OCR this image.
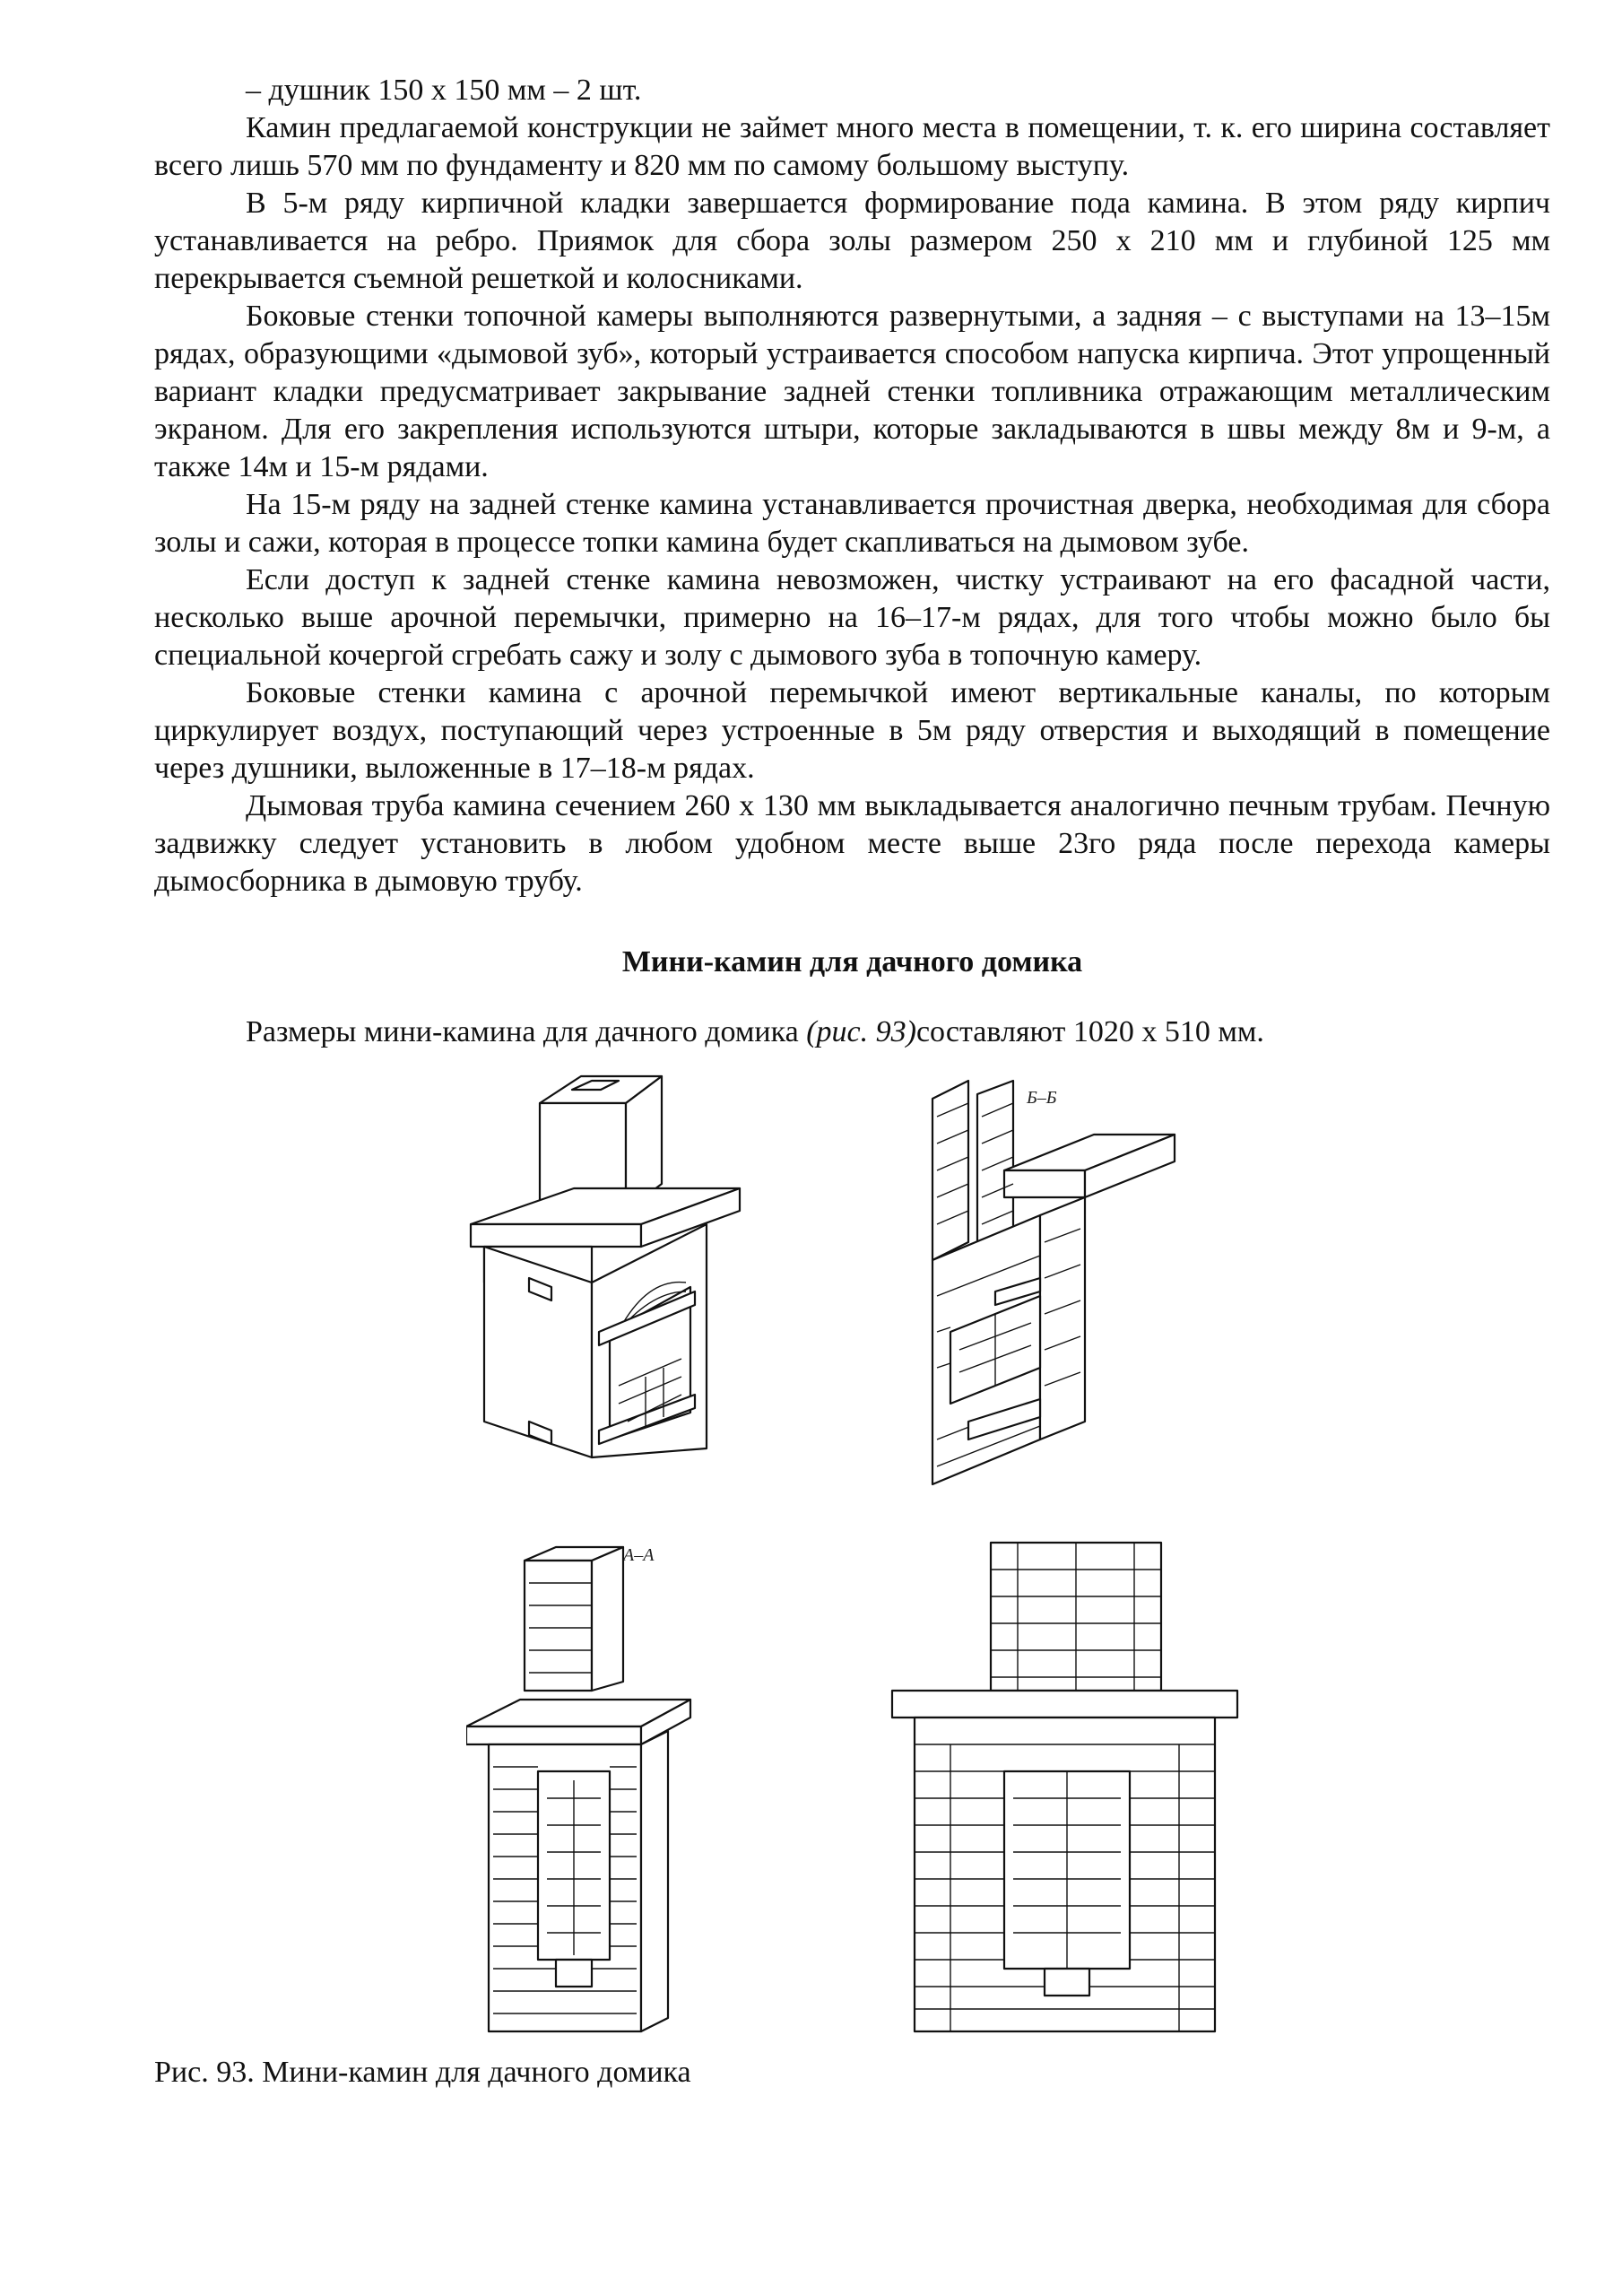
– душник 150 х 150 мм – 2 шт.

Камин предлагаемой конструкции не займет много места в помещении, т. к. его ширина составляет всего лишь 570 мм по фундаменту и 820 мм по самому большому выступу.

В 5-м ряду кирпичной кладки завершается формирование пода камина. В этом ряду кирпич устанавливается на ребро. Приямок для сбора золы размером 250 х 210 мм и глубиной 125 мм перекрывается съемной решеткой и колосниками.

Боковые стенки топочной камеры выполняются развернутыми, а задняя – с выступами на 13–15м рядах, образующими «дымовой зуб», который устраивается способом напуска кирпича. Этот упрощенный вариант кладки предусматривает закрывание задней стенки топливника отражающим металлическим экраном. Для его закрепления используются штыри, которые закладываются в швы между 8м и 9-м, а также 14м и 15-м рядами.

На 15-м ряду на задней стенке камина устанавливается прочистная дверка, необходимая для сбора золы и сажи, которая в процессе топки камина будет скапливаться на дымовом зубе.

Если доступ к задней стенке камина невозможен, чистку устраивают на его фасадной части, несколько выше арочной перемычки, примерно на 16–17-м рядах, для того чтобы можно было бы специальной кочергой сгребать сажу и золу с дымового зуба в топочную камеру.

Боковые стенки камина с арочной перемычкой имеют вертикальные каналы, по которым циркулирует воздух, поступающий через устроенные в 5м ряду отверстия и выходящий в помещение через душники, выложенные в 17–18-м рядах.

Дымовая труба камина сечением 260 х 130 мм выкладывается аналогично печным трубам. Печную задвижку следует установить в любом удобном месте выше 23го ряда после перехода камеры дымосборника в дымовую трубу.

Мини-камин для дачного домика
Размеры мини-камина для дачного домика (рис. 93)составляют 1020 х 510 мм.
Б–Б
А–А
Рис. 93. Мини-камин для дачного домика
